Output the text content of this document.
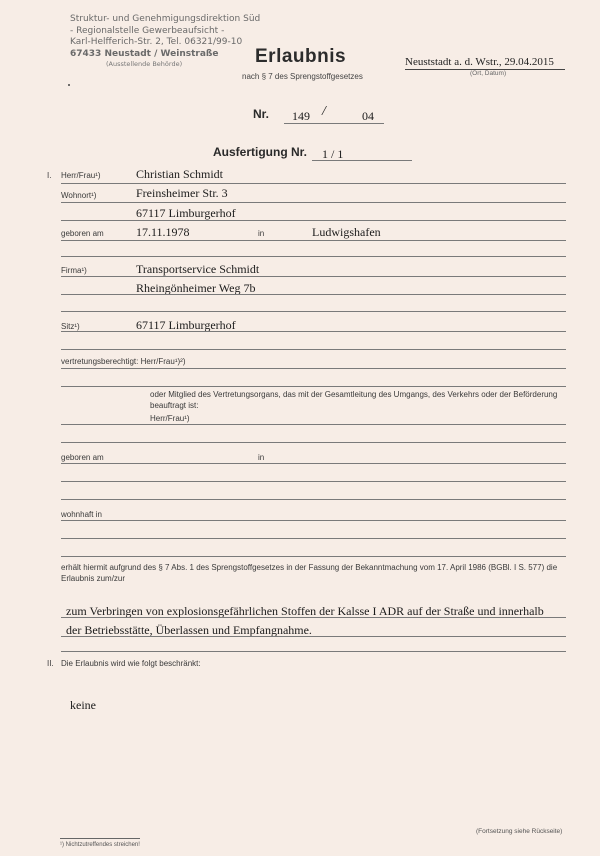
Struktur- und Genehmigungsdirektion Süd
- Regionalstelle Gewerbeaufsicht -
Karl-Helfferich-Str. 2, Tel. 06321/99-10
67433 Neustadt / Weinstraße
(Ausstellende Behörde)	Erlaubnis
nach § 7 des Sprengstoffgesetzes
Neuststadt a. d. Wstr., 29.04.2015
(Ort, Datum)
Nr. 149 /	04
Ausfertigung Nr. 1 / 1
I. Herr/Frau¹)	Christian Schmidt
Wohnort¹)	Freinsheimer Str. 3
67117 Limburgerhof
geboren am	17.11.1978	in	Ludwigshafen
Firma¹)	Transportservice Schmidt
Rheingönheimer Weg 7b
Sitz¹)	67117 Limburgerhof
vertretungsberechtigt: Herr/Frau¹)²)
oder Mitglied des Vertretungsorgans, das mit der Gesamtleitung des Umgangs, des Verkehrs oder der Beförderung beauftragt ist:
Herr/Frau¹)
geboren am	in
wohnhaft in
erhält hiermit aufgrund des § 7 Abs. 1 des Sprengstoffgesetzes in der Fassung der Bekanntmachung vom 17. April 1986 (BGBl. I S. 577) die Erlaubnis zum/zur
zum Verbringen von explosionsgefährlichen Stoffen der Kalsse I ADR auf der Straße und innerhalb
der Betriebsstätte, Überlassen und Empfangnahme.
II. Die Erlaubnis wird wie folgt beschränkt:
keine
(Fortsetzung siehe Rückseite)
¹) Nichtzutreffendes streichen!
